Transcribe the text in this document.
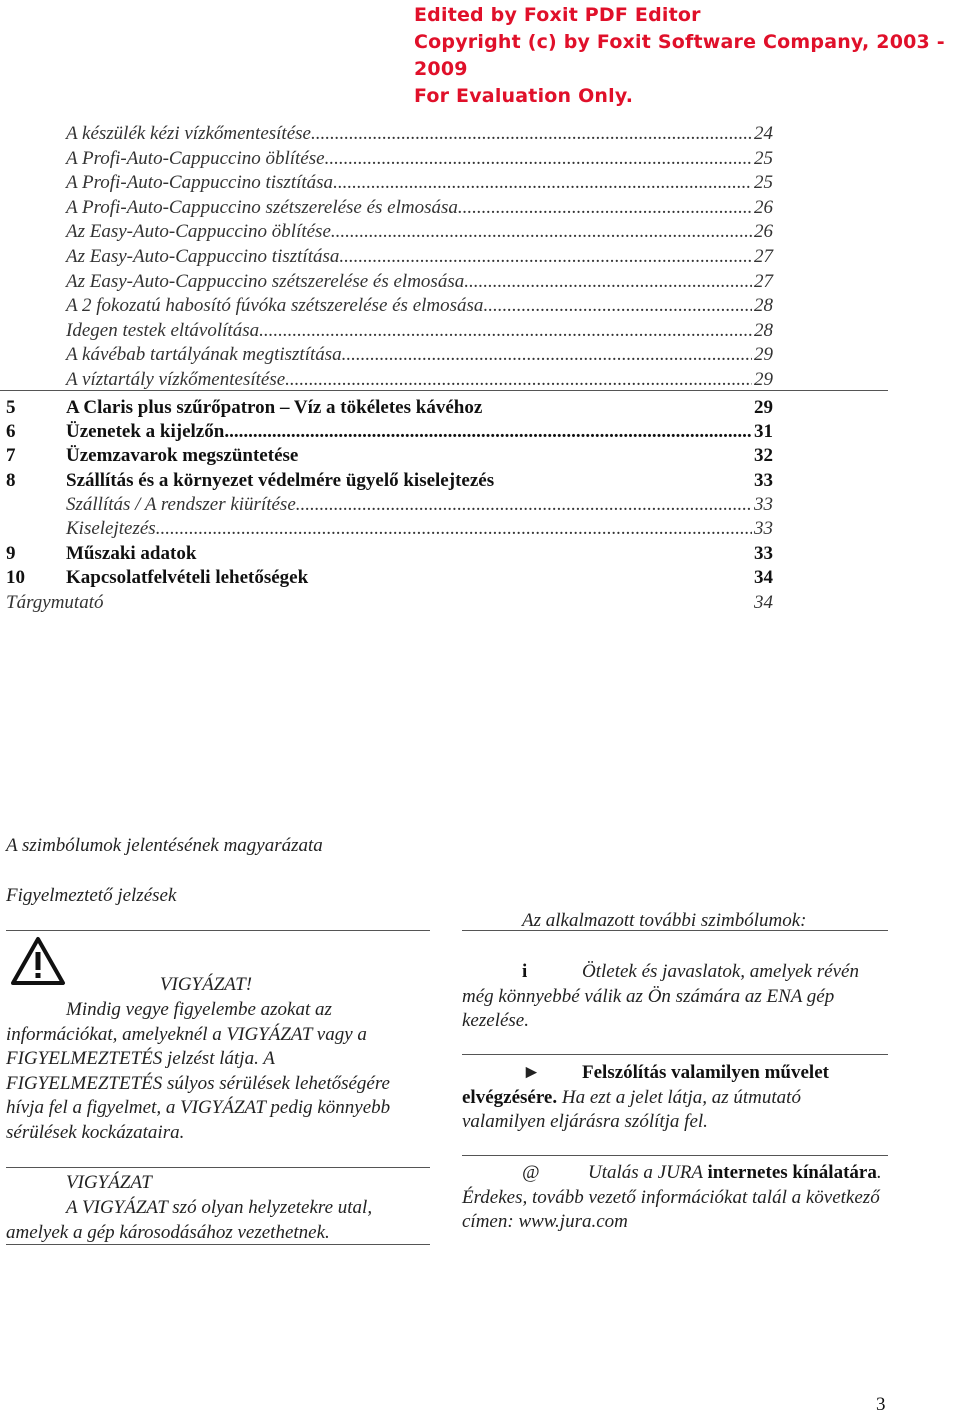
Edited by Foxit PDF Editor
Copyright (c) by Foxit Software Company, 2003 - 2009
For Evaluation Only.
A készülék kézi vízkőmentesítése .....	24
A Profi-Auto-Cappuccino öblítése .....	25
A Profi-Auto-Cappuccino tisztítása .....	25
A Profi-Auto-Cappuccino szétszerelése és elmosása .....	26
Az Easy-Auto-Cappuccino öblítése .....	26
Az Easy-Auto-Cappuccino tisztítása .....	27
Az Easy-Auto-Cappuccino szétszerelése és elmosása .....	27
A 2 fokozatú habosító fúvóka szétszerelése és elmosása .....	28
Idegen testek eltávolítása .....	28
A kávébab tartályának megtisztítása .....	29
A víztartály vízkőmentesítése .....	29
5	A Claris plus szűrőpatron – Víz a tökéletes kávéhoz	29
6	Üzenetek a kijelzőn .....	31
7	Üzemzavarok megszüntetése	32
8	Szállítás és a környezet védelmére ügyelő kiselejtezés	33
Szállítás / A rendszer kiürítése .....	33
Kiselejtezés .....	33
9	Műszaki adatok	33
10	Kapcsolatfelvételi lehetőségek	34
Tárgymutató	34
A szimbólumok jelentésének magyarázata
Figyelmeztető jelzések
Az alkalmazott további szimbólumok:
VIGYÁZAT!
Mindig vegye figyelembe azokat az információkat, amelyeknél a VIGYÁZAT vagy a FIGYELMEZTETÉS jelzést látja. A FIGYELMEZTETÉS súlyos sérülések lehetőségére hívja fel a figyelmet, a VIGYÁZAT pedig könnyebb sérülések kockázataira.
VIGYÁZAT
A VIGYÁZAT szó olyan helyzetekre utal, amelyek a gép károsodásához vezethetnek.
i	Ötletek és javaslatok, amelyek révén még könnyebbé válik az Ön számára az ENA gép kezelése.
► Felszólítás valamilyen művelet elvégzésére. Ha ezt a jelet látja, az útmutató valamilyen eljárásra szólítja fel.
@	Utalás a JURA internetes kínálatára. Érdekes, tovább vezető információkat talál a következő címen: www.jura.com
3
